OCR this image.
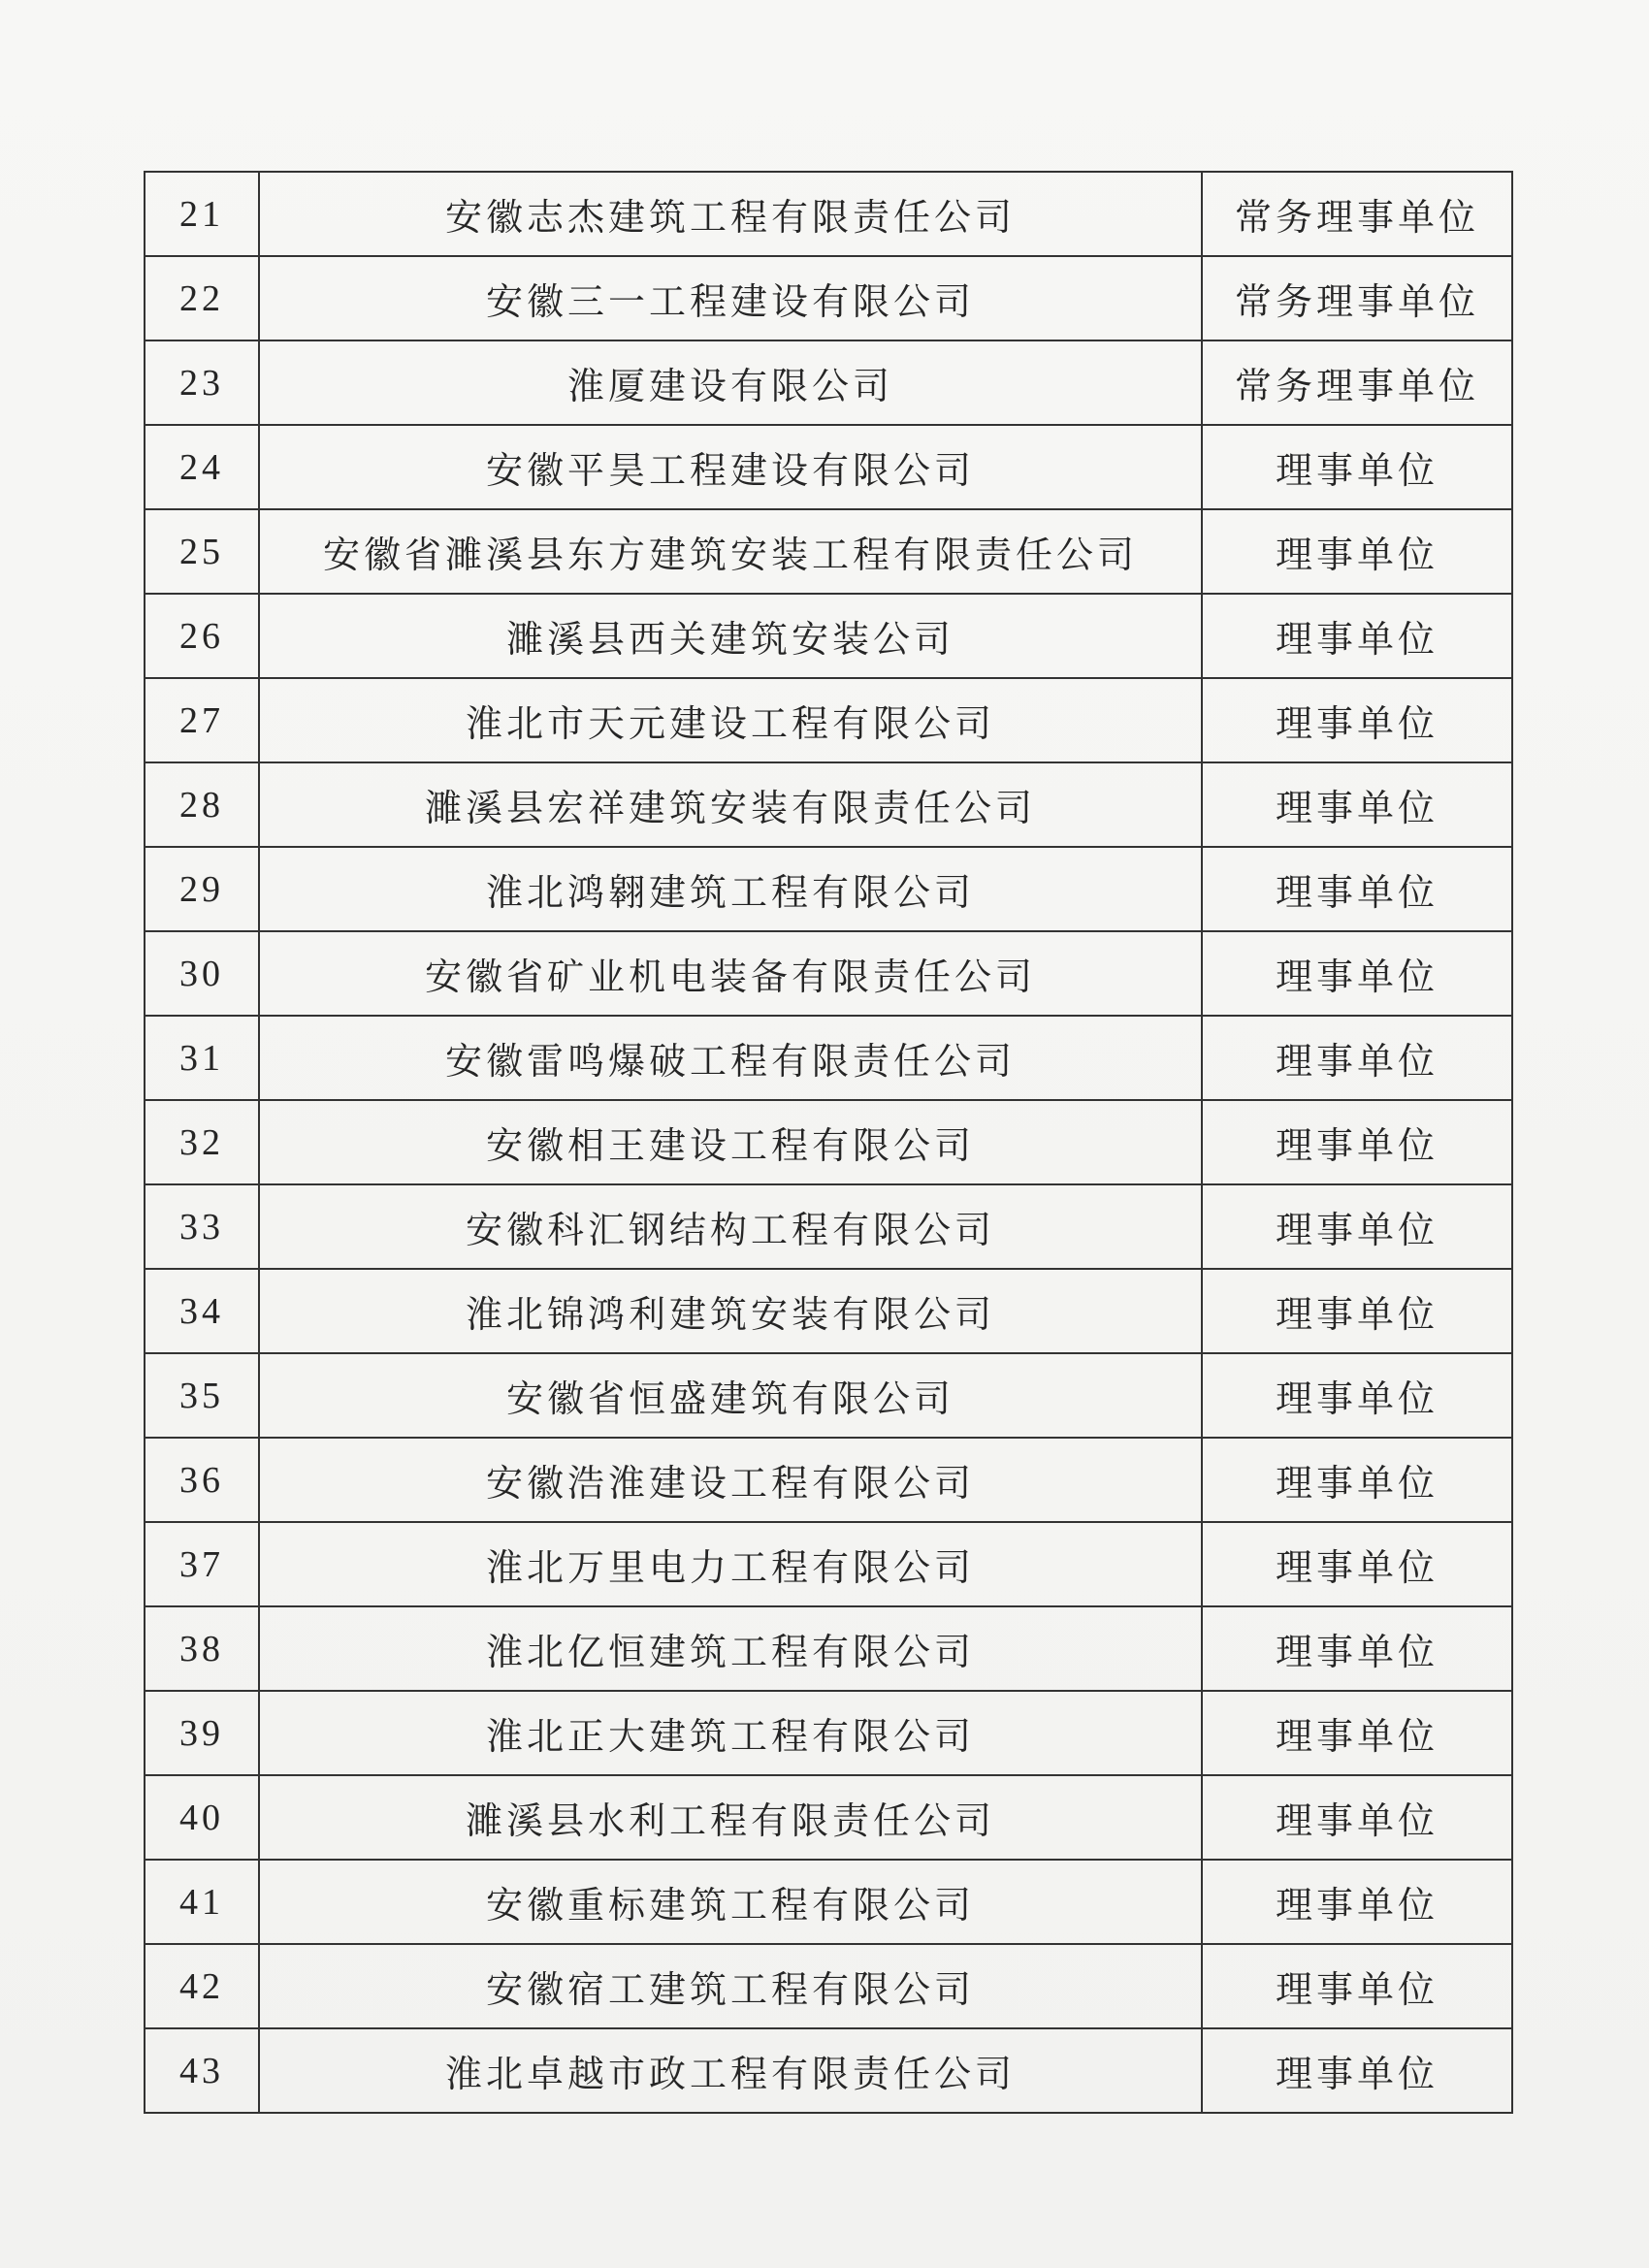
21	安徽志杰建筑工程有限责任公司	常务理事单位
22	安徽三一工程建设有限公司	常务理事单位
23	淮厦建设有限公司	常务理事单位
24	安徽平昊工程建设有限公司	理事单位
25	安徽省濉溪县东方建筑安装工程有限责任公司	理事单位
26	濉溪县西关建筑安装公司	理事单位
27	淮北市天元建设工程有限公司	理事单位
28	濉溪县宏祥建筑安装有限责任公司	理事单位
29	淮北鸿翱建筑工程有限公司	理事单位
30	安徽省矿业机电装备有限责任公司	理事单位
31	安徽雷鸣爆破工程有限责任公司	理事单位
32	安徽相王建设工程有限公司	理事单位
33	安徽科汇钢结构工程有限公司	理事单位
34	淮北锦鸿利建筑安装有限公司	理事单位
35	安徽省恒盛建筑有限公司	理事单位
36	安徽浩淮建设工程有限公司	理事单位
37	淮北万里电力工程有限公司	理事单位
38	淮北亿恒建筑工程有限公司	理事单位
39	淮北正大建筑工程有限公司	理事单位
40	濉溪县水利工程有限责任公司	理事单位
41	安徽重标建筑工程有限公司	理事单位
42	安徽宿工建筑工程有限公司	理事单位
43	淮北卓越市政工程有限责任公司	理事单位
